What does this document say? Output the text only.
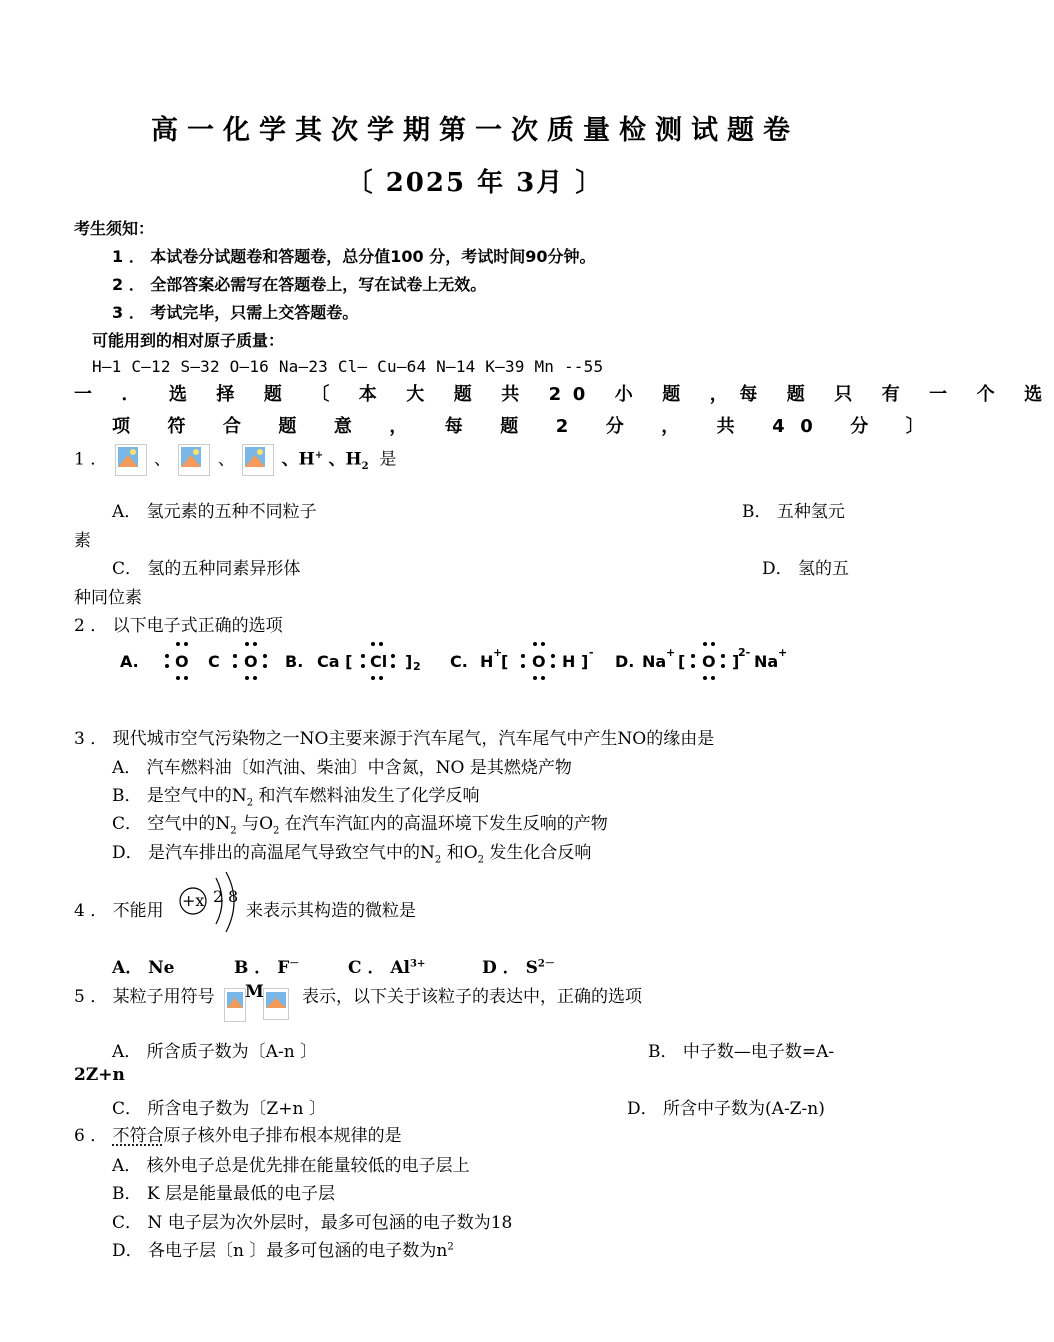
高一化学其次学期第一次质量检测试题卷
〔 2025 年 3月 〕
考生须知：
1 ． 本试卷分试题卷和答题卷，总分值100 分，考试时间90分钟。
2 ． 全部答案必需写在答题卷上，写在试卷上无效。
3 ． 考试完毕，只需上交答题卷。
可能用到的相对原子质量：
H—1 C—12 S—32 O—16 Na—23 Cl— Cu—64 N—14 K—39 Mn --55
一 ． 选 择 题 〔 本 大 题 共 20 小 题 ，每 题 只 有 一 个 选
项 符 合 题 意 ， 每 题 2 分 ， 共 40 分 〕
1 ．	、	、	、H+ 、$H_2$ 是
A． 氢元素的五种不同粒子	B． 五种氢元
素
C． 氢的五种同素异形体	D． 氢的五
种同位素
2 ． 以下电子式正确的选项
A. O C O B. Ca [ Cl ] 2 C. H +
[ O H ] - D. Na + [ O ]
2- Na +
3 ． 现代城市空气污染物之一NO主要来源于汽车尾气，汽车尾气中产生NO的缘由是
A． 汽车燃料油〔如汽油、柴油〕中含氮，NO 是其燃烧产物
B． 是空气中的$N_2$ 和汽车燃料油发生了化学反响
C． 空气中的$N_2$ 与$O_2$ 在汽车汽缸内的高温环境下发生反响的产物
D． 是汽车排出的高温尾气导致空气中的$N_2$ 和$O_2$ 发生化合反响
4 ． 不能用
+x 2 8
来表示其构造的微粒是
A． Ne	B ． F－	C ． $Al^{3+}$	D ． $S^{2-}$
5 ． 某粒子用符号 M 表示，以下关于该粒子的表达中，正确的选项
A． 所含质子数为〔A-n 〕	B． 中子数—电子数=A-
2Z+n
C． 所含电子数为〔Z+n 〕	D． 所含中子数为(A-Z-n)
6 ． 不符合原子核外电子排布根本规律的是
A． 核外电子总是优先排在能量较低的电子层上
B． K 层是能量最低的电子层
C． N 电子层为次外层时，最多可包涵的电子数为18
D． 各电子层〔n 〕最多可包涵的电子数为$n^2$
